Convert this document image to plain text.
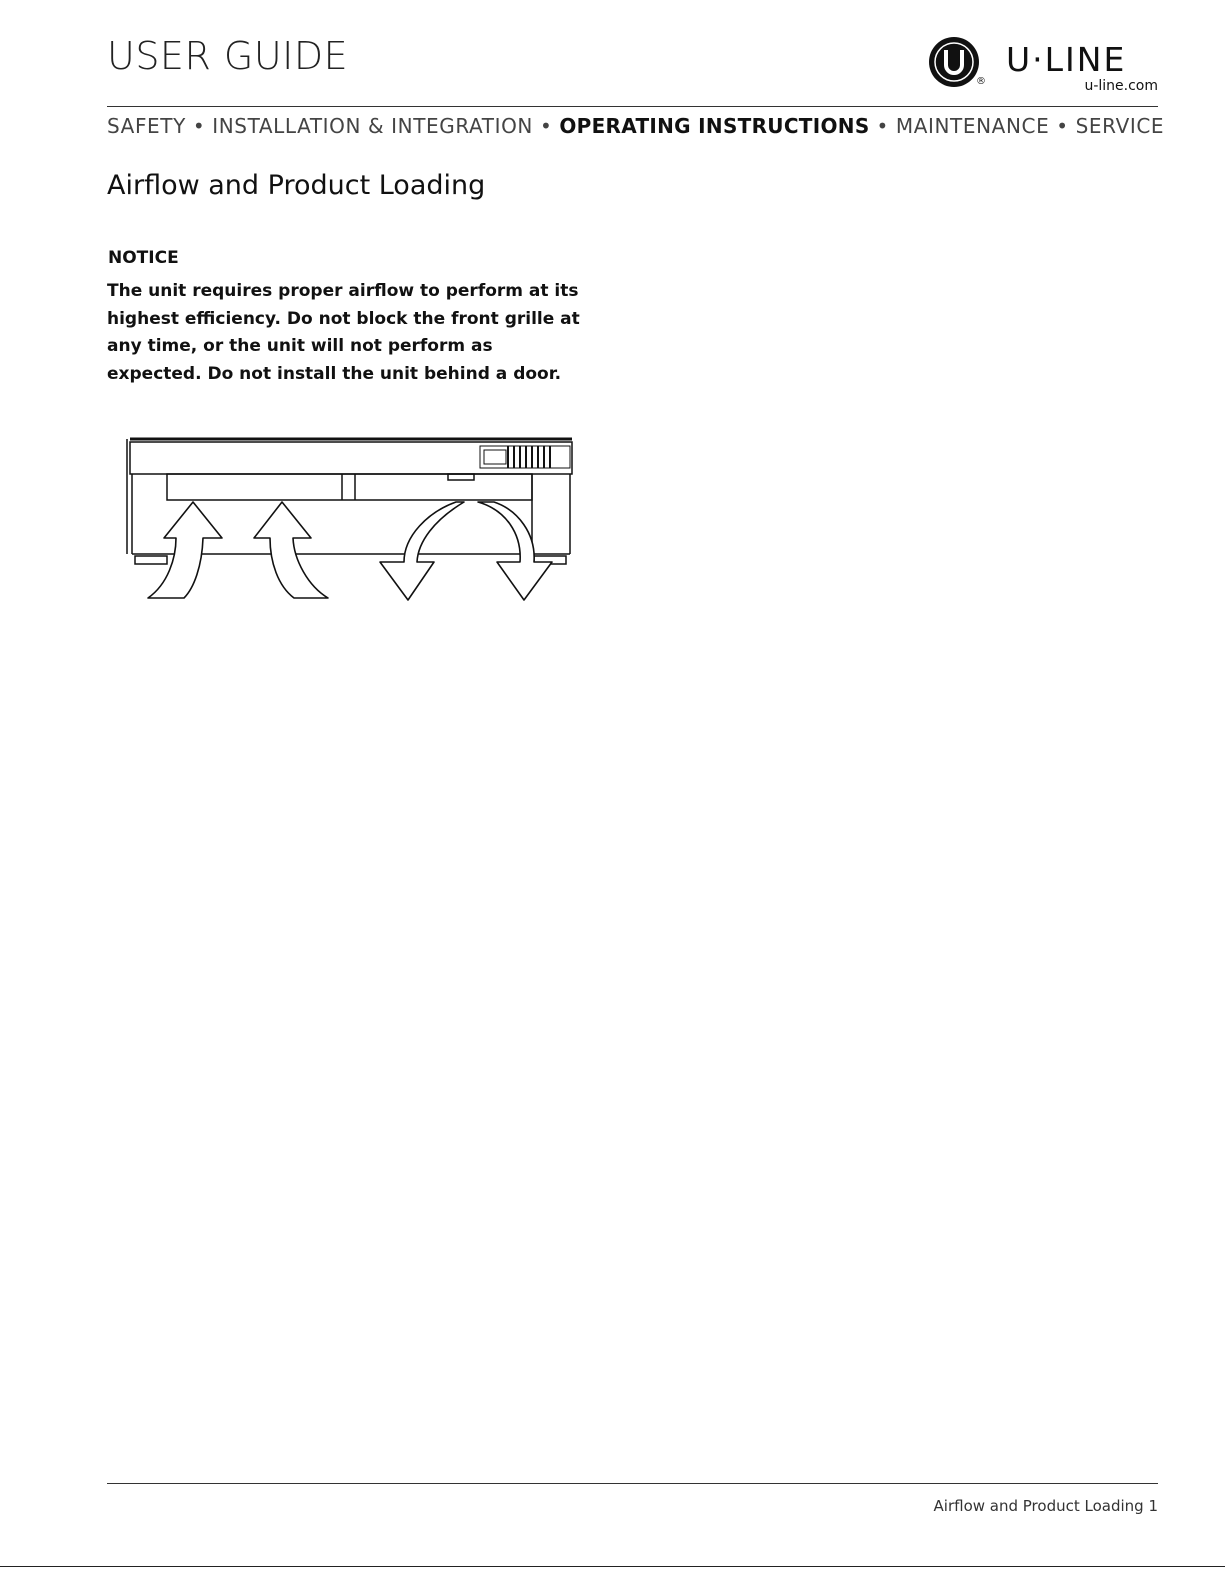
USER GUIDE
®
U·LINE
u-line.com
SAFETY • INSTALLATION & INTEGRATION • OPERATING INSTRUCTIONS • MAINTENANCE • SERVICE
Airflow and Product Loading
NOTICE
The unit requires proper airflow to perform at its
highest efficiency. Do not block the front grille at
any time, or the unit will not perform as
expected. Do not install the unit behind a door.
Airflow and Product Loading 1
